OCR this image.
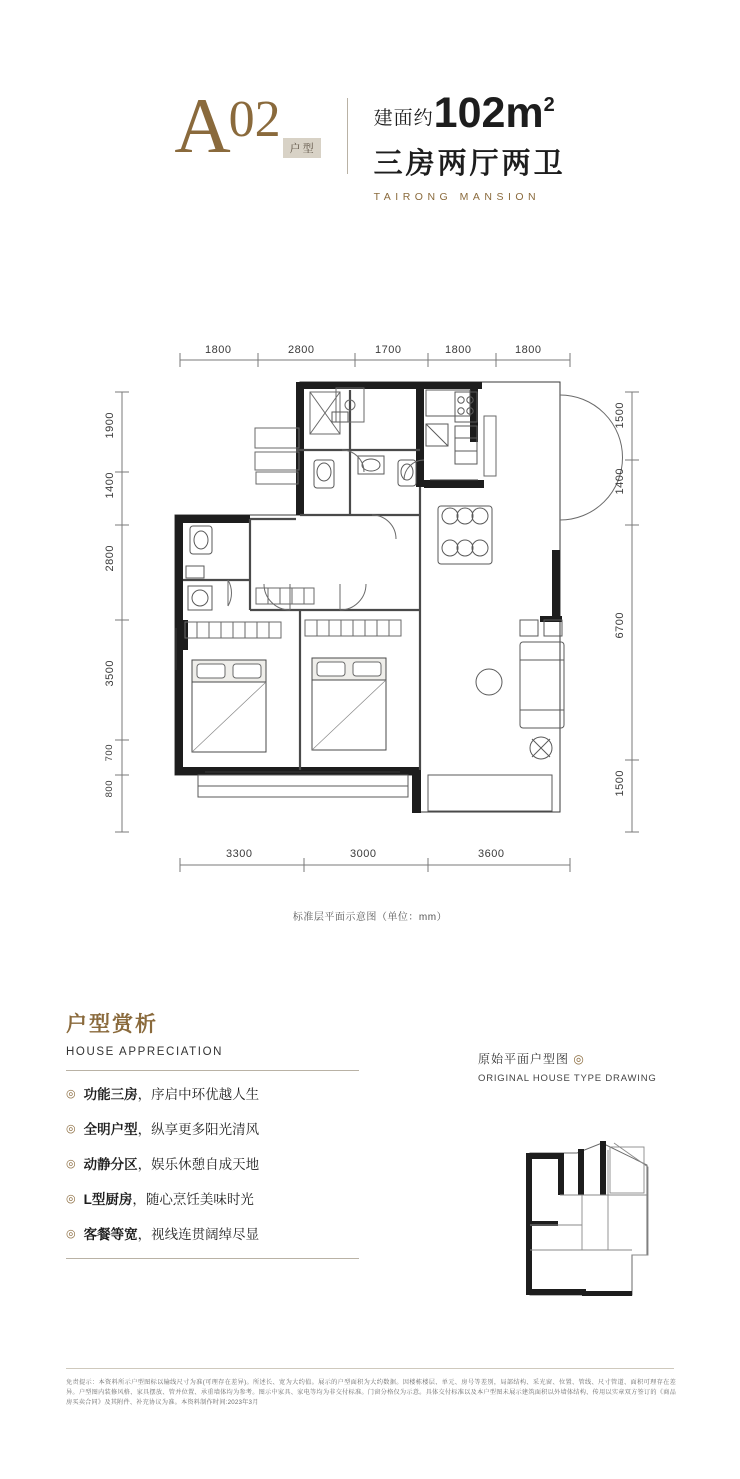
A 02
户型
建面约 102m 2
三房两厅两卫
TAIRONG MANSION
1800	2800	1700	1800	1800
3300	3000	3600
1900
1400
2800
3500
700
800
1500
1400
6700
1500
标准层平面示意图（单位：mm）
户型赏析
HOUSE APPRECIATION
◎ 功能三房 ，序启中环优越人生
◎ 全明户型 ，纵享更多阳光清风
◎ 动静分区 ，娱乐休憩自成天地
◎ L型厨房 ，随心烹饪美味时光
◎ 客餐等宽 ，视线连贯阔绰尽显
原始平面户型图 ◎
ORIGINAL HOUSE TYPE DRAWING
免责提示：本资料所示户型图标以输线尺寸为准(可理存在差异)。所述长、宽为大约值。展示的户型面积为大约数据。因楼栋楼层、单元、房号等差别，局部结构、采光窗、位置、管线、尺寸管道、面积可理存在差异。户型图内装修风格、家具摆放、管并位置、承重墙体均为参考。图示中家具、家电等均为非交付标准。门窗分格仅为示意。具体交付标准以及本户型图未展示建筑面积以外墙体结构、传用以实章双方签订的《商品房买卖合同》及其附件、补充协议为准。本资料制作时间:2023年3月
